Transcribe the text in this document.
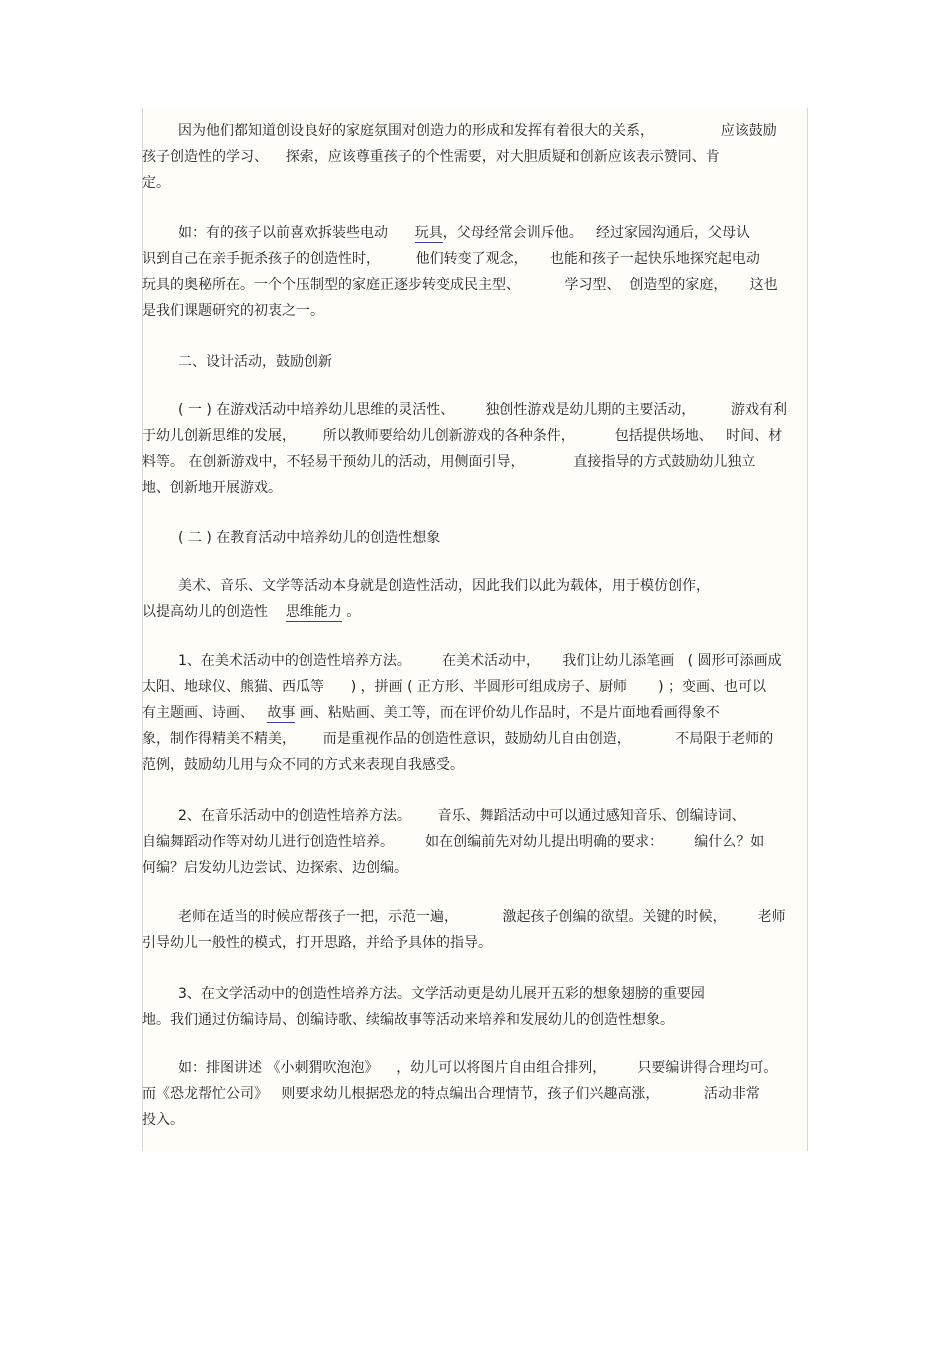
因为他们都知道创设良好的家庭氛围对创造力的形成和发挥有着很大的关系，               应该鼓励
孩子创造性的学习、    探索，应该尊重孩子的个性需要，对大胆质疑和创新应该表示赞同、肯
定。
如：有的孩子以前喜欢拆装些电动      玩具，父母经常会训斥他。   经过家园沟通后，父母认
识到自己在亲手扼杀孩子的创造性时，        他们转变了观念，     也能和孩子一起快乐地探究起电动
玩具的奥秘所在。一个个压制型的家庭正逐步转变成民主型、          学习型、  创造型的家庭，     这也
是我们课题研究的初衷之一。
二、设计活动，鼓励创新
( 一 ) 在游戏活动中培养幼儿思维的灵活性、       独创性游戏是幼儿期的主要活动，        游戏有利
于幼儿创新思维的发展，      所以教师要给幼儿创新游戏的各种条件，         包括提供场地、   时间、材
料等。 在创新游戏中，不轻易干预幼儿的活动，用侧面引导，           直接指导的方式鼓励幼儿独立
地、创新地开展游戏。
( 二 ) 在教育活动中培养幼儿的创造性想象
美术、音乐、文学等活动本身就是创造性活动，因此我们以此为载体，用于模仿创作，
以提高幼儿的创造性    思维能力 。
1、在美术活动中的创造性培养方法。       在美术活动中，     我们让幼儿添笔画   ( 圆形可添画成
太阳、地球仪、熊猫、西瓜等      ) ，拼画 ( 正方形、半圆形可组成房子、厨师       ) ；变画、也可以
有主题画、诗画、   故事 画、粘贴画、美工等，而在评价幼儿作品时，不是片面地看画得象不
象，制作得精美不精美，      而是重视作品的创造性意识，鼓励幼儿自由创造，          不局限于老师的
范例，鼓励幼儿用与众不同的方式来表现自我感受。
2、在音乐活动中的创造性培养方法。      音乐、舞蹈活动中可以通过感知音乐、创编诗词、
自编舞蹈动作等对幼儿进行创造性培养。       如在创编前先对幼儿提出明确的要求：       编什么？如
何编？启发幼儿边尝试、边探索、边创编。
老师在适当的时候应帮孩子一把，示范一遍，          激起孩子创编的欲望。关键的时候，       老师
引导幼儿一般性的模式，打开思路，并给予具体的指导。
3、在文学活动中的创造性培养方法。文学活动更是幼儿展开五彩的想象翅膀的重要园
地。我们通过仿编诗局、创编诗歌、续编故事等活动来培养和发展幼儿的创造性想象。
如：排图讲述 《小刺猬吹泡泡》    ，幼儿可以将图片自由组合排列，       只要编讲得合理均可。
而《恐龙帮忙公司》   则要求幼儿根据恐龙的特点编出合理情节，孩子们兴趣高涨，          活动非常
投入。
